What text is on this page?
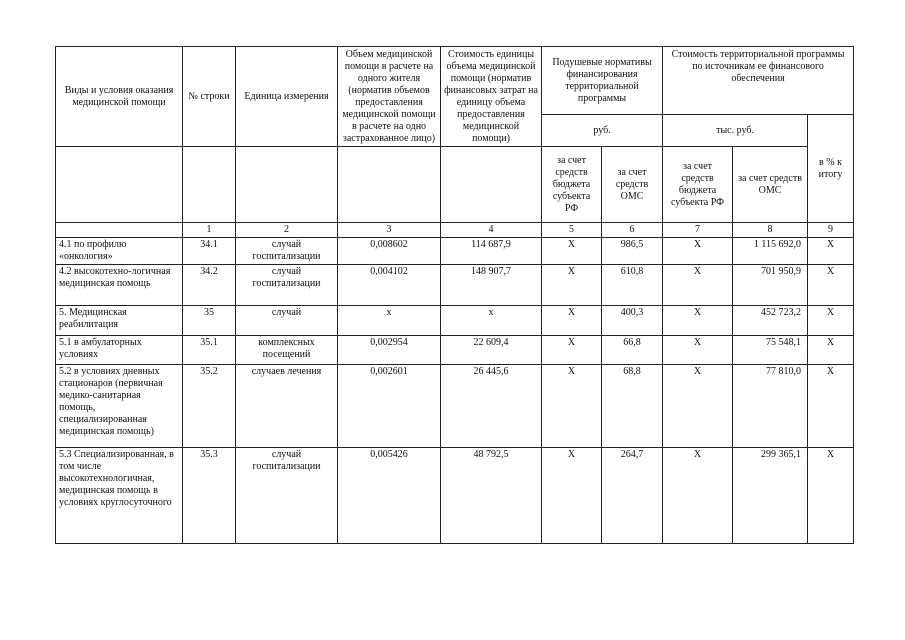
Виды и условия оказания медицинской помощи	№ строки	Единица измерения	Объем медицинской помощи в расчете на одного жителя (норматив объемов предоставления медицинской помощи в расчете на одно застрахованное лицо)	Стоимость единицы объема медицинской помощи (норматив финансовых затрат на единицу объема предоставления медицинской помощи)	Подушевые нормативы финансирования территориальной программы		Стоимость территориальной программы по источникам ее финансового обеспечения		
					руб.		тыс. руб.		в % к итогу
					за счет средств бюджета субъекта РФ	за счет средств ОМС	за счет средств бюджета субъекта РФ	за счет средств ОМС	
	1	2	3	4	5	6	7	8	9
4.1 по профилю «онкология»	34.1	случай госпитализации	0,008602	114 687,9	X	986,5	X	1 115 692,0	X
4.2 высокотехно-логичная медицинская помощь	34.2	случай госпитализации	0,004102	148 907,7	X	610,8	X	701 950,9	X
5. Медицинская реабилитация	35	случай	х	х	X	400,3	X	452 723,2	X
5.1 в амбулаторных условиях	35.1	комплексных посещений	0,002954	22 609,4	X	66,8	X	75 548,1	X
5.2 в условиях дневных стационаров (первичная медико-санитарная помощь, специализированная медицинская помощь)	35.2	случаев лечения	0,002601	26 445,6	X	68,8	X	77 810,0	X
5.3 Специализированная, в том числе высокотехнологичная, медицинская помощь в условиях круглосуточного	35.3	случай госпитализации	0,005426	48 792,5	X	264,7	X	299 365,1	X
